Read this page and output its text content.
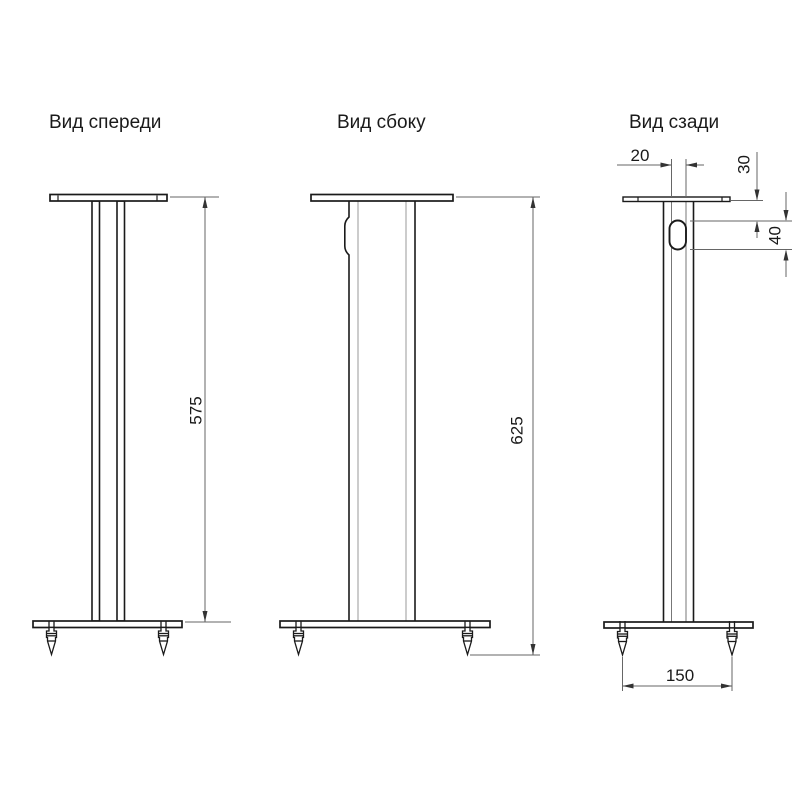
Вид спереди	Вид сбоку	Вид сзади
575
625
20	30
40
150
